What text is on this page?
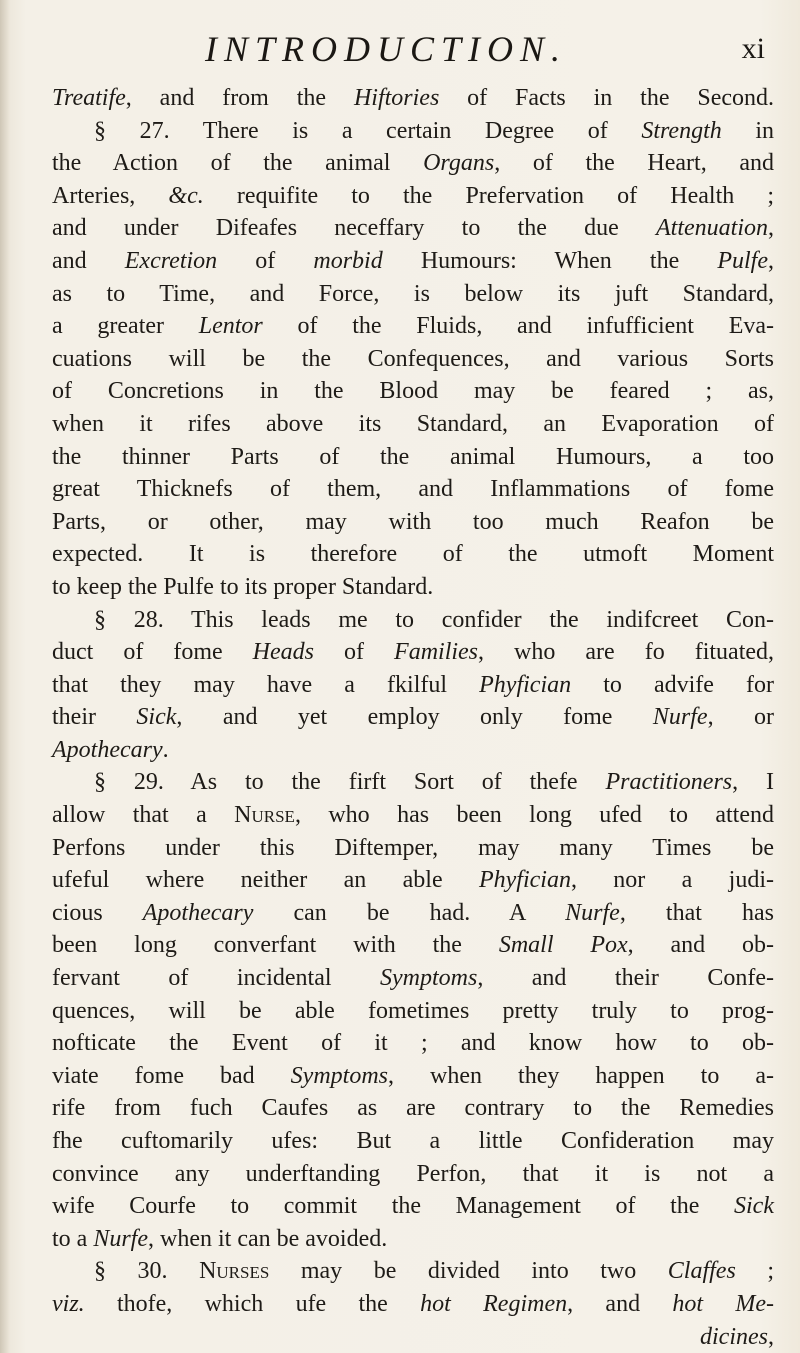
INTRODUCTION.	xi
Treatife, and from the Hiftories of Facts in the Second.
§ 27. There is a certain Degree of Strength in
the Action of the animal Organs, of the Heart, and
Arteries, &c. requifite to the Prefervation of Health ;
and under Difeafes neceffary to the due Attenuation,
and Excretion of morbid Humours: When the Pulfe,
as to Time, and Force, is below its juft Standard,
a greater Lentor of the Fluids, and infufficient Eva-
cuations will be the Confequences, and various Sorts
of Concretions in the Blood may be feared ; as,
when it rifes above its Standard, an Evaporation of
the thinner Parts of the animal Humours, a too
great Thicknefs of them, and Inflammations of fome
Parts, or other, may with too much Reafon be
expected. It is therefore of the utmoft Moment
to keep the Pulfe to its proper Standard.
§ 28. This leads me to confider the indifcreet Con-
duct of fome Heads of Families, who are fo fituated,
that they may have a fkilful Phyfician to advife for
their Sick, and yet employ only fome Nurfe, or
Apothecary.
§ 29. As to the firft Sort of thefe Practitioners, I
allow that a Nurse, who has been long ufed to attend
Perfons under this Diftemper, may many Times be
ufeful where neither an able Phyfician, nor a judi-
cious Apothecary can be had. A Nurfe, that has
been long converfant with the Small Pox, and ob-
fervant of incidental Symptoms, and their Confe-
quences, will be able fometimes pretty truly to prog-
nofticate the Event of it ; and know how to ob-
viate fome bad Symptoms, when they happen to a-
rife from fuch Caufes as are contrary to the Remedies
fhe cuftomarily ufes: But a little Confideration may
convince any underftanding Perfon, that it is not a
wife Courfe to commit the Management of the Sick
to a Nurfe, when it can be avoided.
§ 30. Nurses may be divided into two Claffes ;
viz. thofe, which ufe the hot Regimen, and hot Me-
dicines,
